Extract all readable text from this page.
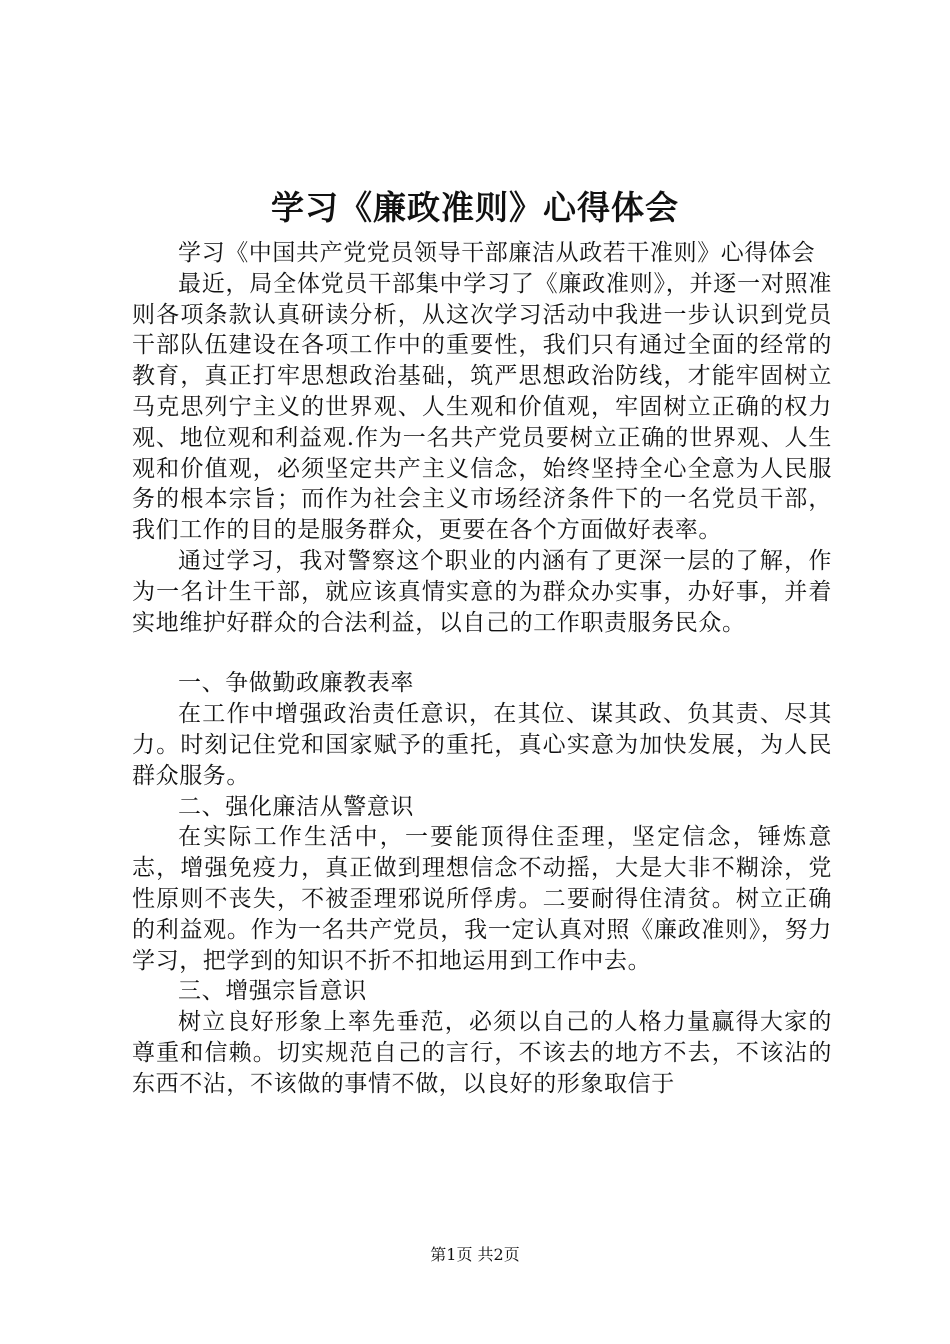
学习《廉政准则》心得体会

学习《中国共产党党员领导干部廉洁从政若干准则》心得体会

最近，局全体党员干部集中学习了《廉政准则》，并逐一对照准则各项条款认真研读分析，从这次学习活动中我进一步认识到党员干部队伍建设在各项工作中的重要性，我们只有通过全面的经常的教育，真正打牢思想政治基础，筑严思想政治防线，才能牢固树立马克思列宁主义的世界观、人生观和价值观，牢固树立正确的权力观、地位观和利益观.作为一名共产党员要树立正确的世界观、人生观和价值观，必须坚定共产主义信念，始终坚持全心全意为人民服务的根本宗旨；而作为社会主义市场经济条件下的一名党员干部，我们工作的目的是服务群众，更要在各个方面做好表率。

通过学习，我对警察这个职业的内涵有了更深一层的了解，作为一名计生干部，就应该真情实意的为群众办实事，办好事，并着实地维护好群众的合法利益，以自己的工作职责服务民众。

一、争做勤政廉教表率

在工作中增强政治责任意识，在其位、谋其政、负其责、尽其力。时刻记住党和国家赋予的重托，真心实意为加快发展，为人民群众服务。

二、强化廉洁从警意识

在实际工作生活中，一要能顶得住歪理，坚定信念，锤炼意志，增强免疫力，真正做到理想信念不动摇，大是大非不糊涂，党性原则不丧失，不被歪理邪说所俘虏。二要耐得住清贫。树立正确的利益观。作为一名共产党员，我一定认真对照《廉政准则》，努力学习，把学到的知识不折不扣地运用到工作中去。

三、增强宗旨意识

树立良好形象上率先垂范，必须以自己的人格力量赢得大家的尊重和信赖。切实规范自己的言行，不该去的地方不去，不该沾的东西不沾，不该做的事情不做，以良好的形象取信于

第1页 共2页
